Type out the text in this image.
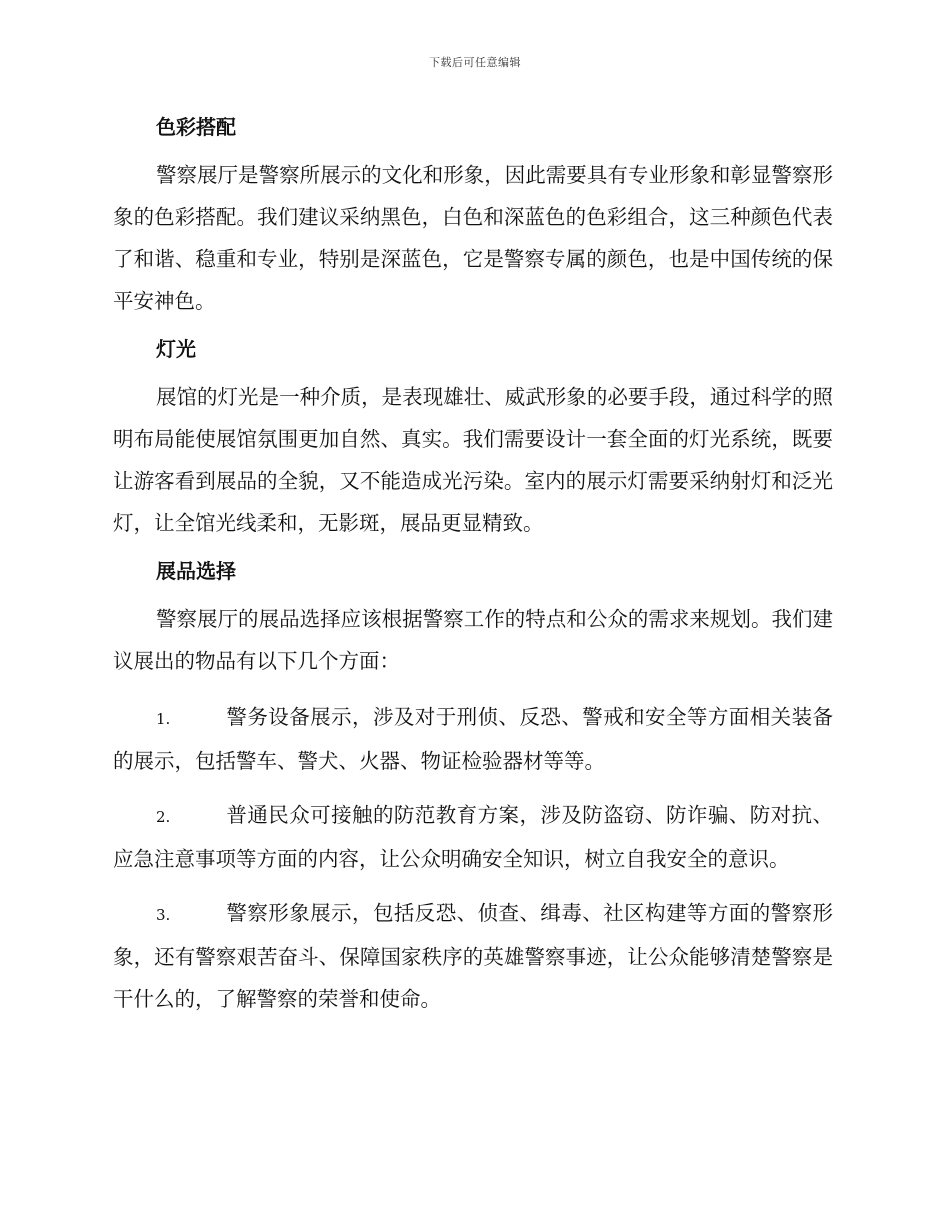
下载后可任意编辑
色彩搭配

警察展厅是警察所展示的文化和形象，因此需要具有专业形象和彰显警察形象的色彩搭配。我们建议采纳黑色，白色和深蓝色的色彩组合，这三种颜色代表了和谐、稳重和专业，特别是深蓝色，它是警察专属的颜色，也是中国传统的保平安神色。

灯光

展馆的灯光是一种介质，是表现雄壮、威武形象的必要手段，通过科学的照明布局能使展馆氛围更加自然、真实。我们需要设计一套全面的灯光系统，既要让游客看到展品的全貌，又不能造成光污染。室内的展示灯需要采纳射灯和泛光灯，让全馆光线柔和，无影斑，展品更显精致。

展品选择

警察展厅的展品选择应该根据警察工作的特点和公众的需求来规划。我们建议展出的物品有以下几个方面：

1.	警务设备展示，涉及对于刑侦、反恐、警戒和安全等方面相关装备的展示，包括警车、警犬、火器、物证检验器材等等。

2.	普通民众可接触的防范教育方案，涉及防盗窃、防诈骗、防对抗、应急注意事项等方面的内容，让公众明确安全知识，树立自我安全的意识。

3.	警察形象展示，包括反恐、侦查、缉毒、社区构建等方面的警察形象，还有警察艰苦奋斗、保障国家秩序的英雄警察事迹，让公众能够清楚警察是干什么的，了解警察的荣誉和使命。
